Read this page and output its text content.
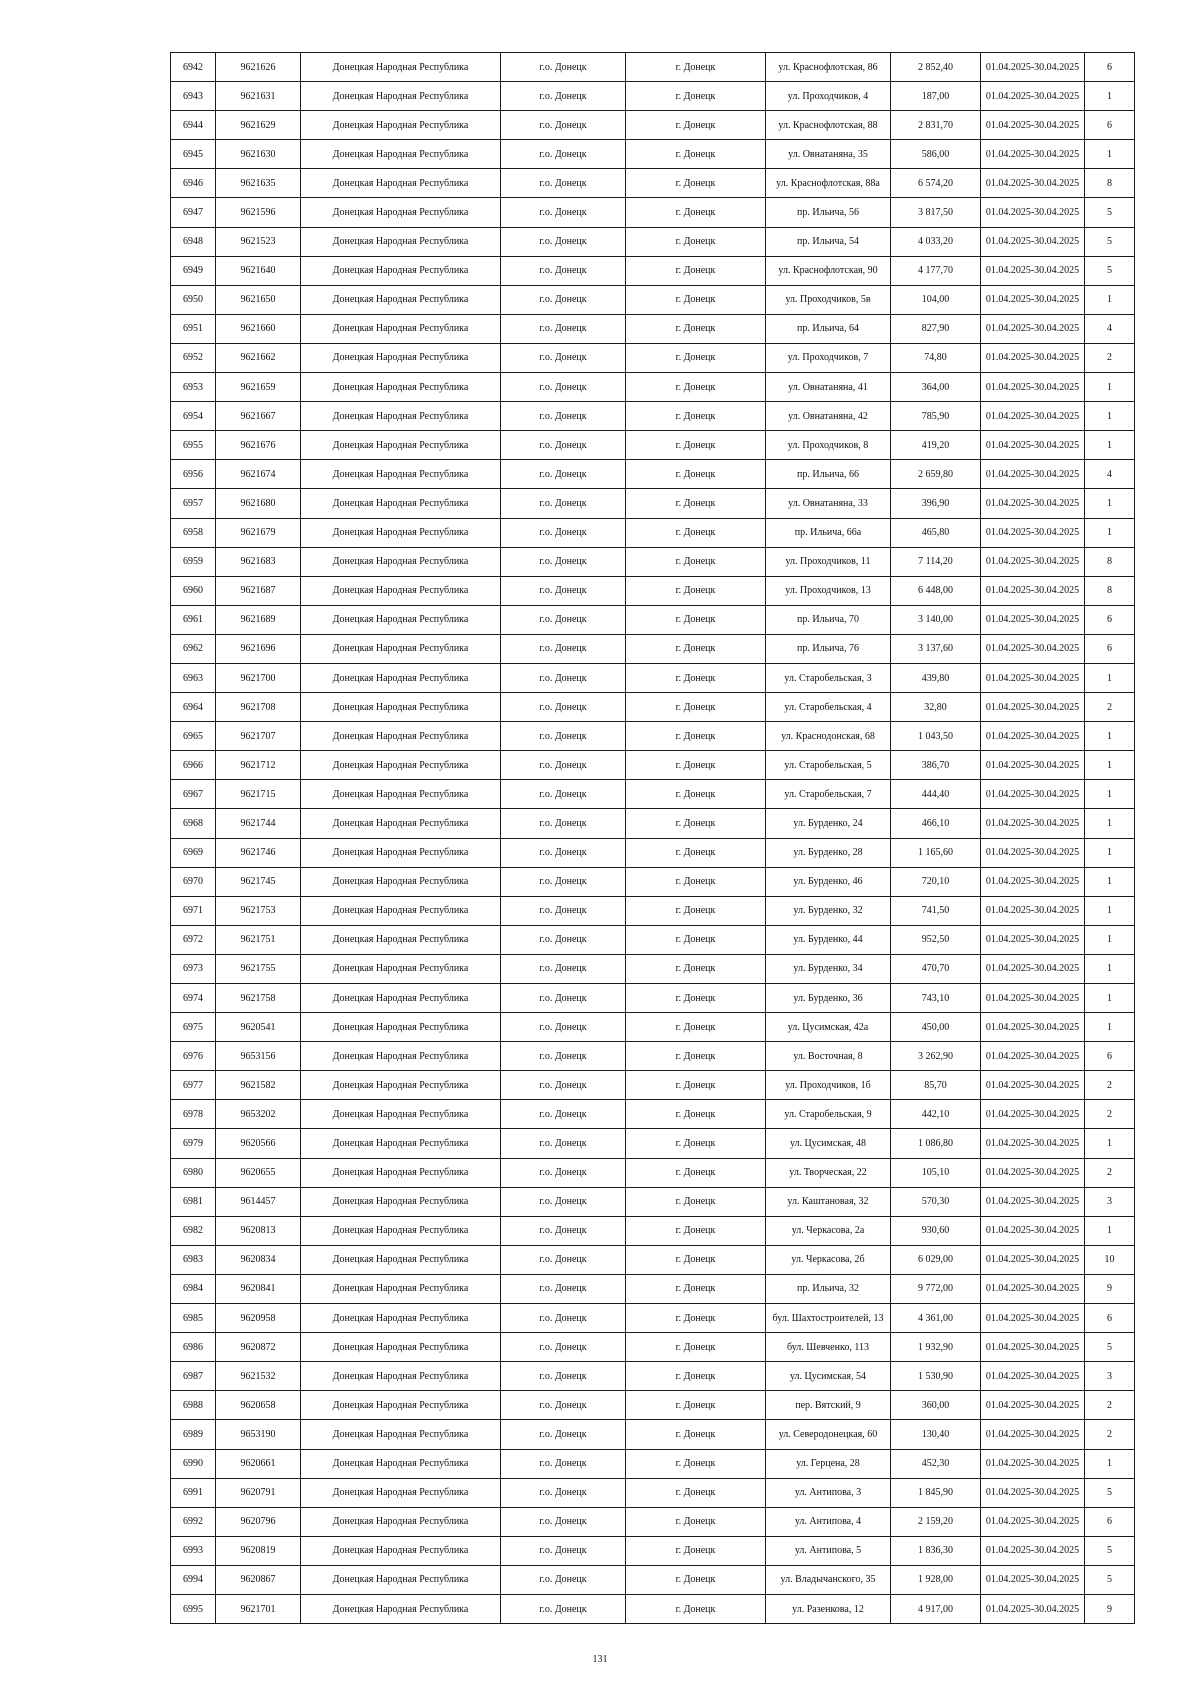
6942	9621626	Донецкая Народная Республика	г.о. Донецк	г. Донецк	ул. Краснофлотская, 86	2 852,40	01.04.2025-30.04.2025	6
6943	9621631	Донецкая Народная Республика	г.о. Донецк	г. Донецк	ул. Проходчиков, 4	187,00	01.04.2025-30.04.2025	1
6944	9621629	Донецкая Народная Республика	г.о. Донецк	г. Донецк	ул. Краснофлотская, 88	2 831,70	01.04.2025-30.04.2025	6
6945	9621630	Донецкая Народная Республика	г.о. Донецк	г. Донецк	ул. Овнатаняна, 35	586,00	01.04.2025-30.04.2025	1
6946	9621635	Донецкая Народная Республика	г.о. Донецк	г. Донецк	ул. Краснофлотская, 88а	6 574,20	01.04.2025-30.04.2025	8
6947	9621596	Донецкая Народная Республика	г.о. Донецк	г. Донецк	пр. Ильича, 56	3 817,50	01.04.2025-30.04.2025	5
6948	9621523	Донецкая Народная Республика	г.о. Донецк	г. Донецк	пр. Ильича, 54	4 033,20	01.04.2025-30.04.2025	5
6949	9621640	Донецкая Народная Республика	г.о. Донецк	г. Донецк	ул. Краснофлотская, 90	4 177,70	01.04.2025-30.04.2025	5
6950	9621650	Донецкая Народная Республика	г.о. Донецк	г. Донецк	ул. Проходчиков, 5в	104,00	01.04.2025-30.04.2025	1
6951	9621660	Донецкая Народная Республика	г.о. Донецк	г. Донецк	пр. Ильича, 64	827,90	01.04.2025-30.04.2025	4
6952	9621662	Донецкая Народная Республика	г.о. Донецк	г. Донецк	ул. Проходчиков, 7	74,80	01.04.2025-30.04.2025	2
6953	9621659	Донецкая Народная Республика	г.о. Донецк	г. Донецк	ул. Овнатаняна, 41	364,00	01.04.2025-30.04.2025	1
6954	9621667	Донецкая Народная Республика	г.о. Донецк	г. Донецк	ул. Овнатаняна, 42	785,90	01.04.2025-30.04.2025	1
6955	9621676	Донецкая Народная Республика	г.о. Донецк	г. Донецк	ул. Проходчиков, 8	419,20	01.04.2025-30.04.2025	1
6956	9621674	Донецкая Народная Республика	г.о. Донецк	г. Донецк	пр. Ильича, 66	2 659,80	01.04.2025-30.04.2025	4
6957	9621680	Донецкая Народная Республика	г.о. Донецк	г. Донецк	ул. Овнатаняна, 33	396,90	01.04.2025-30.04.2025	1
6958	9621679	Донецкая Народная Республика	г.о. Донецк	г. Донецк	пр. Ильича, 66а	465,80	01.04.2025-30.04.2025	1
6959	9621683	Донецкая Народная Республика	г.о. Донецк	г. Донецк	ул. Проходчиков, 11	7 114,20	01.04.2025-30.04.2025	8
6960	9621687	Донецкая Народная Республика	г.о. Донецк	г. Донецк	ул. Проходчиков, 13	6 448,00	01.04.2025-30.04.2025	8
6961	9621689	Донецкая Народная Республика	г.о. Донецк	г. Донецк	пр. Ильича, 70	3 140,00	01.04.2025-30.04.2025	6
6962	9621696	Донецкая Народная Республика	г.о. Донецк	г. Донецк	пр. Ильича, 76	3 137,60	01.04.2025-30.04.2025	6
6963	9621700	Донецкая Народная Республика	г.о. Донецк	г. Донецк	ул. Старобельская, 3	439,80	01.04.2025-30.04.2025	1
6964	9621708	Донецкая Народная Республика	г.о. Донецк	г. Донецк	ул. Старобельская, 4	32,80	01.04.2025-30.04.2025	2
6965	9621707	Донецкая Народная Республика	г.о. Донецк	г. Донецк	ул. Краснодонская, 68	1 043,50	01.04.2025-30.04.2025	1
6966	9621712	Донецкая Народная Республика	г.о. Донецк	г. Донецк	ул. Старобельская, 5	386,70	01.04.2025-30.04.2025	1
6967	9621715	Донецкая Народная Республика	г.о. Донецк	г. Донецк	ул. Старобельская, 7	444,40	01.04.2025-30.04.2025	1
6968	9621744	Донецкая Народная Республика	г.о. Донецк	г. Донецк	ул. Бурденко, 24	466,10	01.04.2025-30.04.2025	1
6969	9621746	Донецкая Народная Республика	г.о. Донецк	г. Донецк	ул. Бурденко, 28	1 165,60	01.04.2025-30.04.2025	1
6970	9621745	Донецкая Народная Республика	г.о. Донецк	г. Донецк	ул. Бурденко, 46	720,10	01.04.2025-30.04.2025	1
6971	9621753	Донецкая Народная Республика	г.о. Донецк	г. Донецк	ул. Бурденко, 32	741,50	01.04.2025-30.04.2025	1
6972	9621751	Донецкая Народная Республика	г.о. Донецк	г. Донецк	ул. Бурденко, 44	952,50	01.04.2025-30.04.2025	1
6973	9621755	Донецкая Народная Республика	г.о. Донецк	г. Донецк	ул. Бурденко, 34	470,70	01.04.2025-30.04.2025	1
6974	9621758	Донецкая Народная Республика	г.о. Донецк	г. Донецк	ул. Бурденко, 36	743,10	01.04.2025-30.04.2025	1
6975	9620541	Донецкая Народная Республика	г.о. Донецк	г. Донецк	ул. Цусимская, 42а	450,00	01.04.2025-30.04.2025	1
6976	9653156	Донецкая Народная Республика	г.о. Донецк	г. Донецк	ул. Восточная, 8	3 262,90	01.04.2025-30.04.2025	6
6977	9621582	Донецкая Народная Республика	г.о. Донецк	г. Донецк	ул. Проходчиков, 1б	85,70	01.04.2025-30.04.2025	2
6978	9653202	Донецкая Народная Республика	г.о. Донецк	г. Донецк	ул. Старобельская, 9	442,10	01.04.2025-30.04.2025	2
6979	9620566	Донецкая Народная Республика	г.о. Донецк	г. Донецк	ул. Цусимская, 48	1 086,80	01.04.2025-30.04.2025	1
6980	9620655	Донецкая Народная Республика	г.о. Донецк	г. Донецк	ул. Творческая, 22	105,10	01.04.2025-30.04.2025	2
6981	9614457	Донецкая Народная Республика	г.о. Донецк	г. Донецк	ул. Каштановая, 32	570,30	01.04.2025-30.04.2025	3
6982	9620813	Донецкая Народная Республика	г.о. Донецк	г. Донецк	ул. Черкасова, 2а	930,60	01.04.2025-30.04.2025	1
6983	9620834	Донецкая Народная Республика	г.о. Донецк	г. Донецк	ул. Черкасова, 2б	6 029,00	01.04.2025-30.04.2025	10
6984	9620841	Донецкая Народная Республика	г.о. Донецк	г. Донецк	пр. Ильича, 32	9 772,00	01.04.2025-30.04.2025	9
6985	9620958	Донецкая Народная Республика	г.о. Донецк	г. Донецк	бул. Шахтостроителей, 13	4 361,00	01.04.2025-30.04.2025	6
6986	9620872	Донецкая Народная Республика	г.о. Донецк	г. Донецк	бул. Шевченко, 113	1 932,90	01.04.2025-30.04.2025	5
6987	9621532	Донецкая Народная Республика	г.о. Донецк	г. Донецк	ул. Цусимская, 54	1 530,90	01.04.2025-30.04.2025	3
6988	9620658	Донецкая Народная Республика	г.о. Донецк	г. Донецк	пер. Вятский, 9	360,00	01.04.2025-30.04.2025	2
6989	9653190	Донецкая Народная Республика	г.о. Донецк	г. Донецк	ул. Северодонецкая, 60	130,40	01.04.2025-30.04.2025	2
6990	9620661	Донецкая Народная Республика	г.о. Донецк	г. Донецк	ул. Герцена, 28	452,30	01.04.2025-30.04.2025	1
6991	9620791	Донецкая Народная Республика	г.о. Донецк	г. Донецк	ул. Антипова, 3	1 845,90	01.04.2025-30.04.2025	5
6992	9620796	Донецкая Народная Республика	г.о. Донецк	г. Донецк	ул. Антипова, 4	2 159,20	01.04.2025-30.04.2025	6
6993	9620819	Донецкая Народная Республика	г.о. Донецк	г. Донецк	ул. Антипова, 5	1 836,30	01.04.2025-30.04.2025	5
6994	9620867	Донецкая Народная Республика	г.о. Донецк	г. Донецк	ул. Владычанского, 35	1 928,00	01.04.2025-30.04.2025	5
6995	9621701	Донецкая Народная Республика	г.о. Донецк	г. Донецк	ул. Разенкова, 12	4 917,00	01.04.2025-30.04.2025	9
131
